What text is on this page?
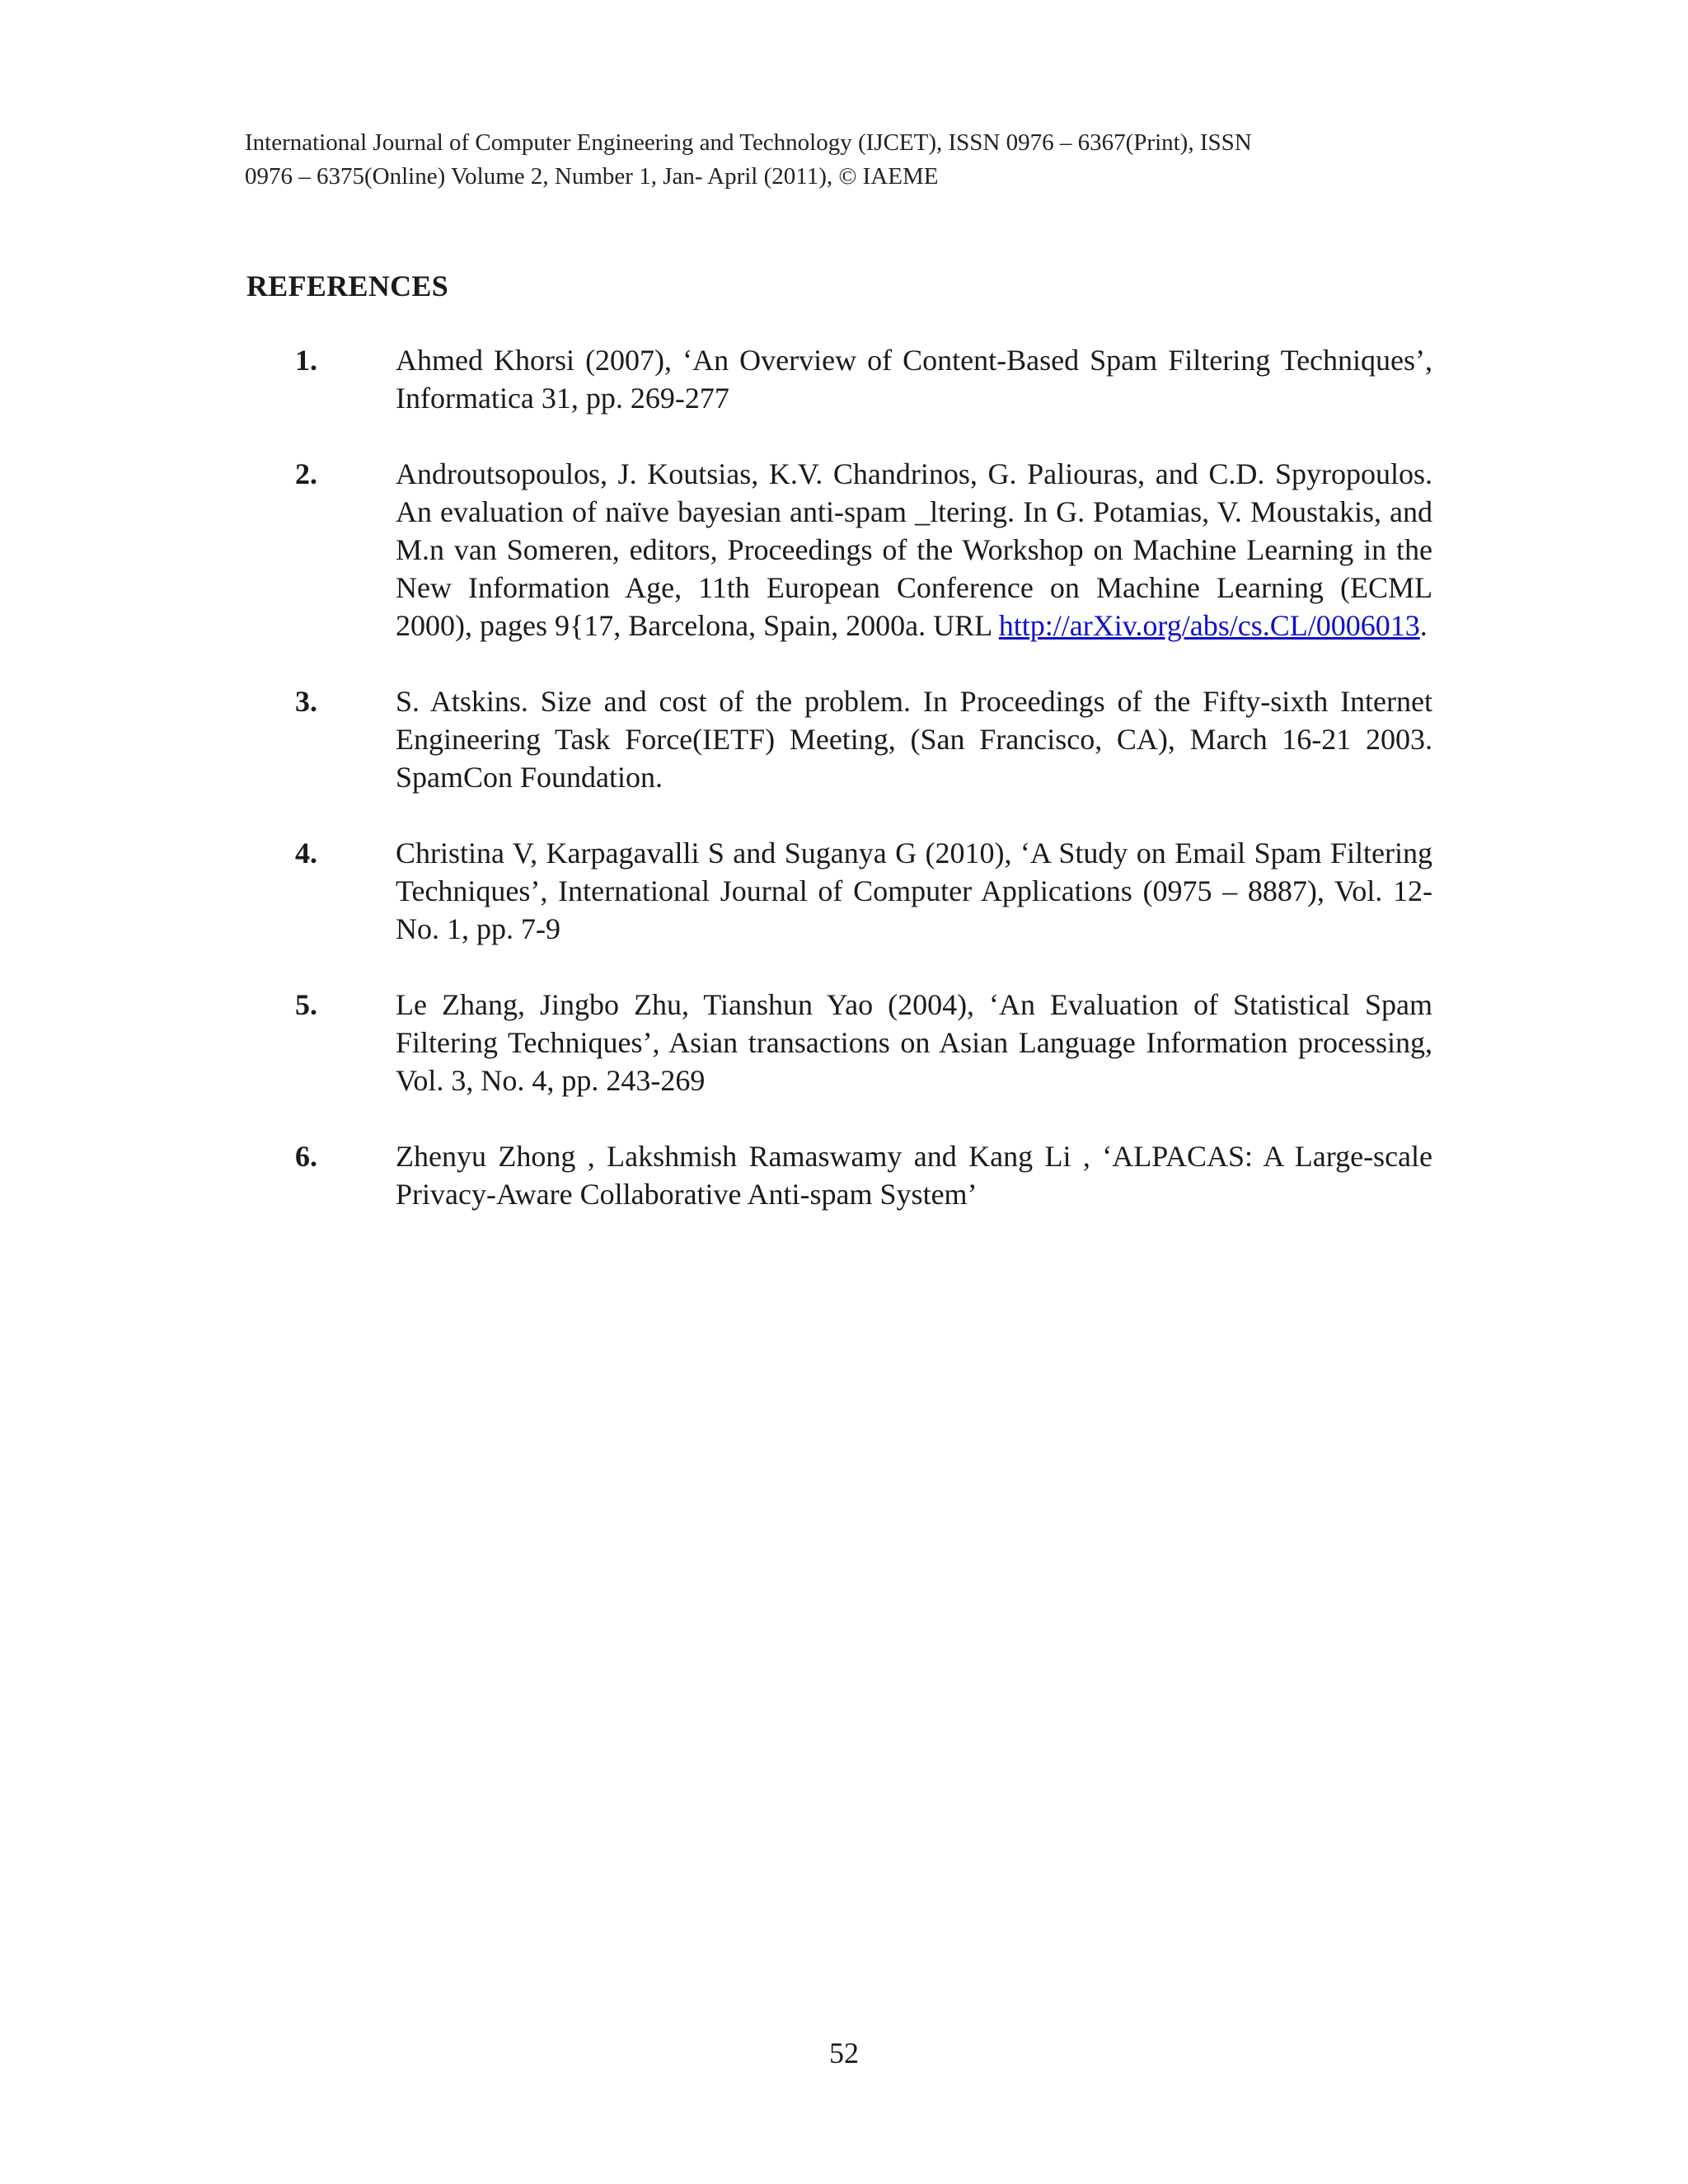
International Journal of Computer Engineering and Technology (IJCET), ISSN 0976 – 6367(Print), ISSN
0976 – 6375(Online) Volume 2, Number 1, Jan- April (2011), © IAEME
REFERENCES
1.	Ahmed Khorsi (2007), ‘An Overview of Content-Based Spam Filtering Techniques’, Informatica 31, pp. 269-277
2.	Androutsopoulos, J. Koutsias, K.V. Chandrinos, G. Paliouras, and C.D. Spyropoulos. An evaluation of naïve bayesian anti-spam _ltering. In G. Potamias, V. Moustakis, and M.n van Someren, editors, Proceedings of the Workshop on Machine Learning in the New Information Age, 11th European Conference on Machine Learning (ECML 2000), pages 9{17, Barcelona, Spain, 2000a. URL http://arXiv.org/abs/cs.CL/0006013.
3.	S. Atskins. Size and cost of the problem. In Proceedings of the Fifty-sixth Internet Engineering Task Force(IETF) Meeting, (San Francisco, CA), March 16-21 2003. SpamCon Foundation.
4.	Christina V, Karpagavalli S and Suganya G (2010), ‘A Study on Email Spam Filtering Techniques’, International Journal of Computer Applications (0975 – 8887), Vol. 12- No. 1, pp. 7-9
5.	Le Zhang, Jingbo Zhu, Tianshun Yao (2004), ‘An Evaluation of Statistical Spam Filtering Techniques’, Asian transactions on Asian Language Information processing, Vol. 3, No. 4, pp. 243-269
6.	Zhenyu Zhong , Lakshmish Ramaswamy and Kang Li , ‘ALPACAS: A Large-scale Privacy-Aware Collaborative Anti-spam System’
52
